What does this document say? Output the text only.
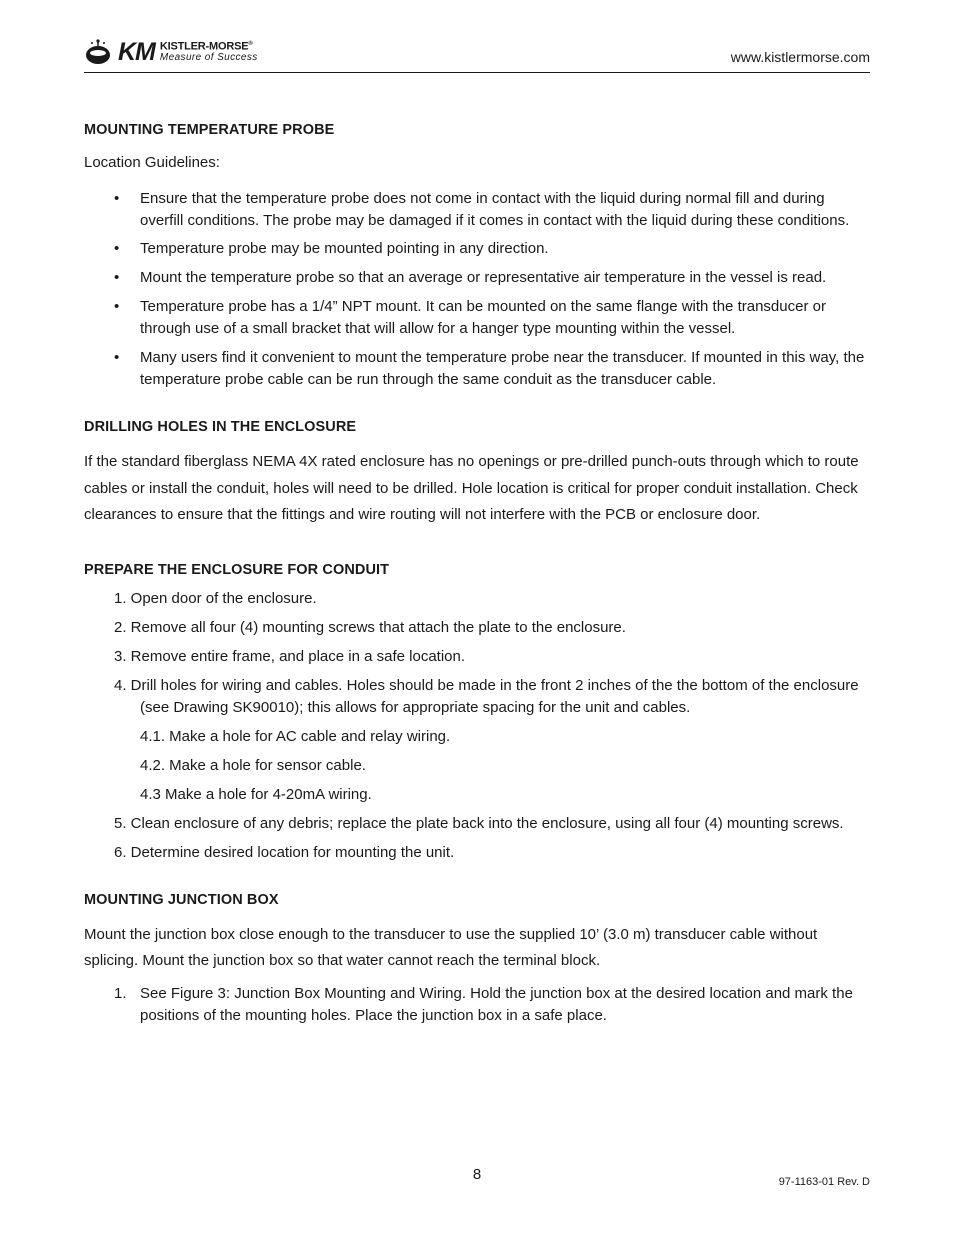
KM KISTLER-MORSE®
Measure of Success	www.kistlermorse.com
MOUNTING TEMPERATURE PROBE

Location Guidelines:

• Ensure that the temperature probe does not come in contact with the liquid during normal fill and during overfill conditions. The probe may be damaged if it comes in contact with the liquid during these conditions.
• Temperature probe may be mounted pointing in any direction.
• Mount the temperature probe so that an average or representative air temperature in the vessel is read.
• Temperature probe has a 1/4” NPT mount. It can be mounted on the same flange with the transducer or through use of a small bracket that will allow for a hanger type mounting within the vessel.
• Many users find it convenient to mount the temperature probe near the transducer. If mounted in this way, the temperature probe cable can be run through the same conduit as the transducer cable.
DRILLING HOLES IN THE ENCLOSURE

If the standard fiberglass NEMA 4X rated enclosure has no openings or pre-drilled punch-outs through which to route cables or install the conduit, holes will need to be drilled. Hole location is critical for proper conduit installation. Check clearances to ensure that the fittings and wire routing will not interfere with the PCB or enclosure door.

PREPARE THE ENCLOSURE FOR CONDUIT
1. Open door of the enclosure.
2. Remove all four (4) mounting screws that attach the plate to the enclosure.
3. Remove entire frame, and place in a safe location.
4. Drill holes for wiring and cables. Holes should be made in the front 2 inches of the the bottom of the enclosure (see Drawing SK90010); this allows for appropriate spacing for the unit and cables.
4.1. Make a hole for AC cable and relay wiring.
4.2. Make a hole for sensor cable.
4.3 Make a hole for 4-20mA wiring.
5. Clean enclosure of any debris; replace the plate back into the enclosure, using all four (4) mounting screws.
6. Determine desired location for mounting the unit.
MOUNTING JUNCTION BOX

Mount the junction box close enough to the transducer to use the supplied 10’ (3.0 m) transducer cable without splicing. Mount the junction box so that water cannot reach the terminal block.

1. See Figure 3: Junction Box Mounting and Wiring. Hold the junction box at the desired location and mark the positions of the mounting holes. Place the junction box in a safe place.
8	97-1163-01 Rev. D
